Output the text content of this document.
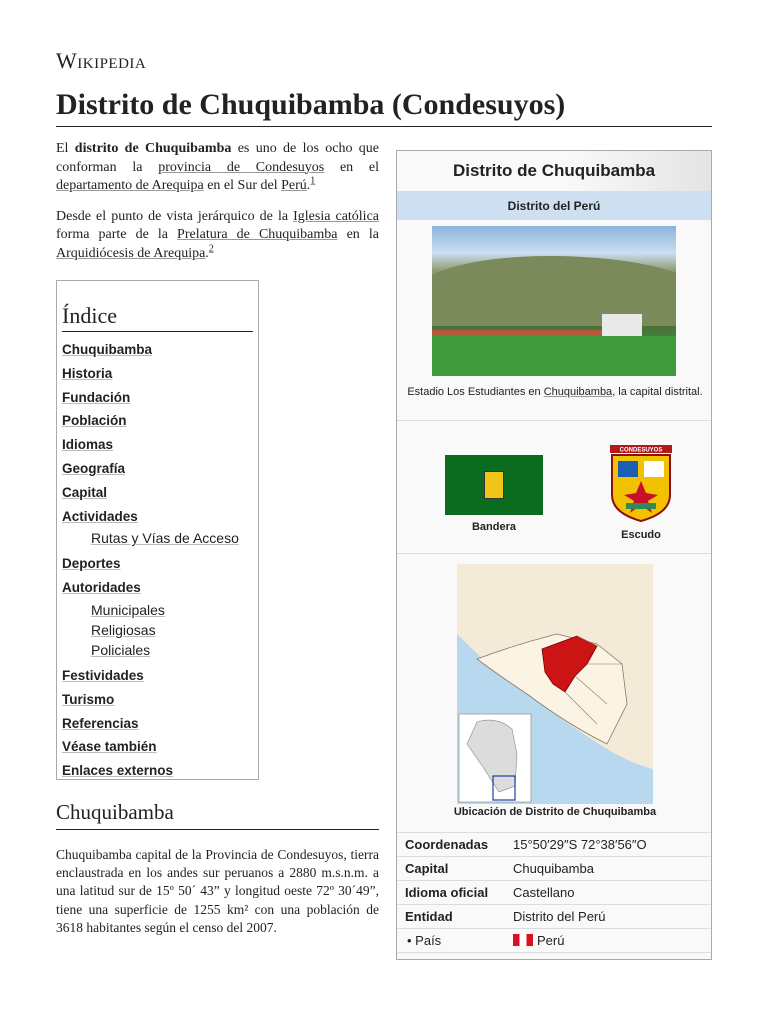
Wikipedia
Distrito de Chuquibamba (Condesuyos)

El distrito de Chuquibamba es uno de los ocho que conforman la provincia de Condesuyos en el departamento de Arequipa en el Sur del Perú.$^1$

Desde el punto de vista jerárquico de la Iglesia católica forma parte de la Prelatura de Chuquibamba en la Arquidiócesis de Arequipa.$^2$

Índice
Chuquibamba
Historia
Fundación
Población
Idiomas
Geografía
Capital
Actividades
Rutas y Vías de Acceso
Deportes
Autoridades
Municipales
Religiosas
Policiales
Festividades
Turismo
Referencias
Véase también
Enlaces externos
Chuquibamba
Chuquibamba capital de la Provincia de Condesuyos, tierra enclaustrada en los andes sur peruanos a 2880 m.s.n.m. a una latitud sur de 15º 50´ 43” y longitud oeste 72º 30´49”, tiene una superficie de 1255 km² con una población de 3618 habitantes según el censo del 2007.
Distrito de Chuquibamba
Distrito del Perú
Estadio Los Estudiantes en Chuquibamba, la capital distrital.
Bandera
CONDESUYOS
Escudo
Ubicación de Distrito de Chuquibamba
Coordenadas 15°50′29″S 72°38′56″O
Capital	Chuquibamba
Idioma oficial Castellano
Entidad	Distrito del Perú
• País	Perú
